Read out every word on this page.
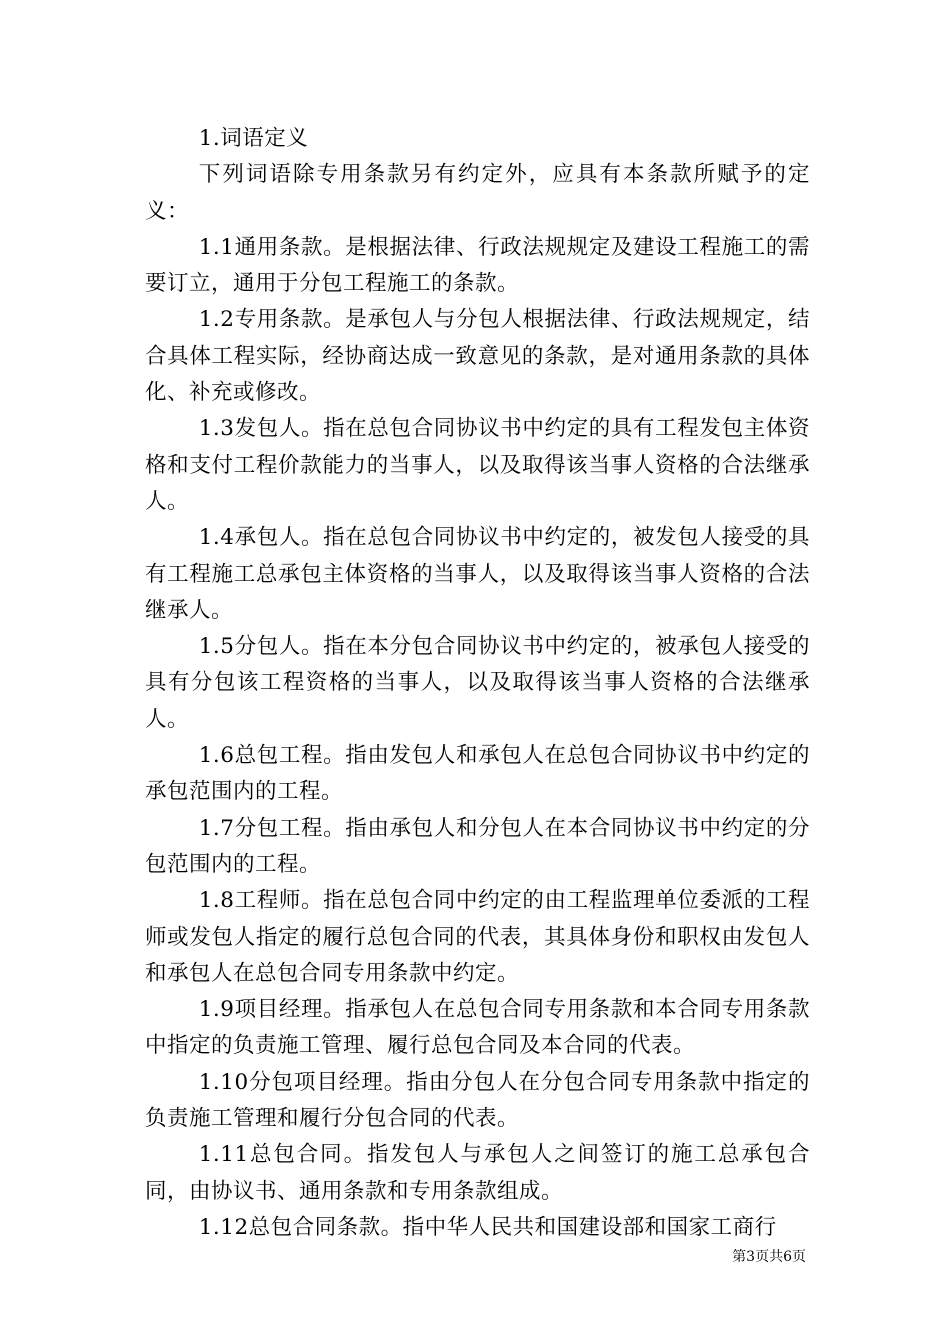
1.词语定义

下列词语除专用条款另有约定外，应具有本条款所赋予的定义：

1.1通用条款。是根据法律、行政法规规定及建设工程施工的需要订立，通用于分包工程施工的条款。

1.2专用条款。是承包人与分包人根据法律、行政法规规定，结合具体工程实际，经协商达成一致意见的条款，是对通用条款的具体化、补充或修改。

1.3发包人。指在总包合同协议书中约定的具有工程发包主体资格和支付工程价款能力的当事人，以及取得该当事人资格的合法继承人。

1.4承包人。指在总包合同协议书中约定的，被发包人接受的具有工程施工总承包主体资格的当事人，以及取得该当事人资格的合法继承人。

1.5分包人。指在本分包合同协议书中约定的，被承包人接受的具有分包该工程资格的当事人，以及取得该当事人资格的合法继承人。

1.6总包工程。指由发包人和承包人在总包合同协议书中约定的承包范围内的工程。

1.7分包工程。指由承包人和分包人在本合同协议书中约定的分包范围内的工程。

1.8工程师。指在总包合同中约定的由工程监理单位委派的工程师或发包人指定的履行总包合同的代表，其具体身份和职权由发包人和承包人在总包合同专用条款中约定。

1.9项目经理。指承包人在总包合同专用条款和本合同专用条款中指定的负责施工管理、履行总包合同及本合同的代表。

1.10分包项目经理。指由分包人在分包合同专用条款中指定的负责施工管理和履行分包合同的代表。

1.11总包合同。指发包人与承包人之间签订的施工总承包合同，由协议书、通用条款和专用条款组成。

1.12总包合同条款。指中华人民共和国建设部和国家工商行

第3页共6页
